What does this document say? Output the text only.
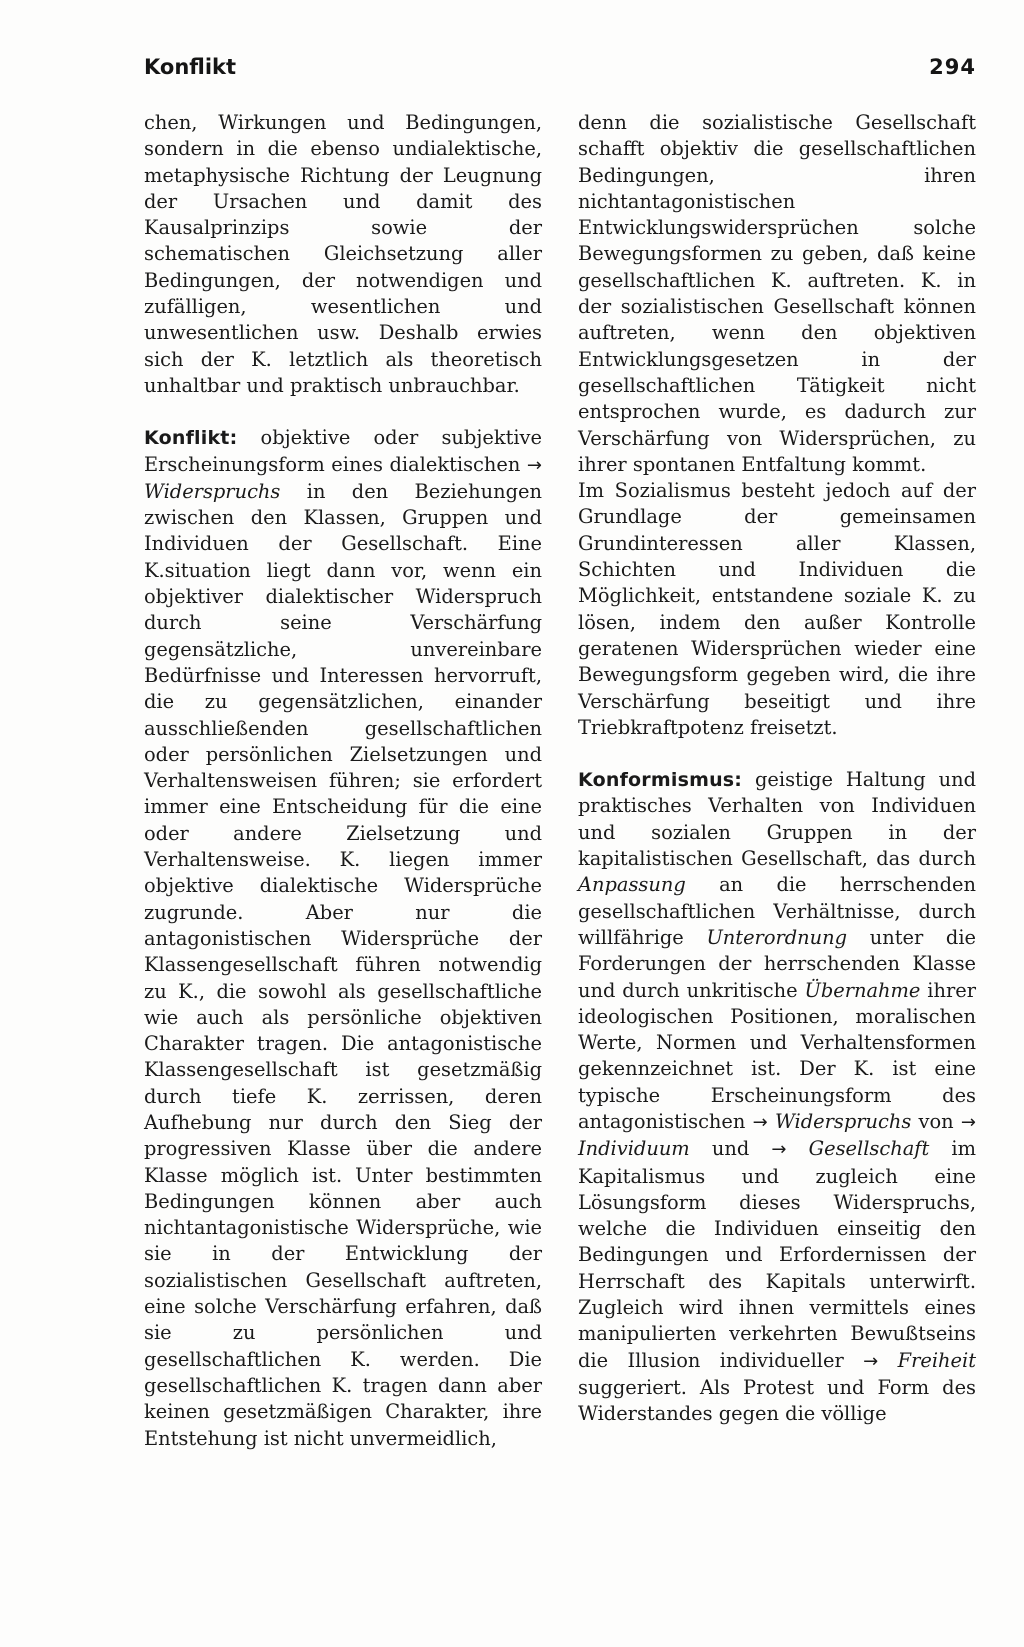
Konflikt	294

chen, Wirkungen und Bedingungen, sondern in die ebenso undialektische, metaphysische Richtung der Leugnung der Ursachen und damit des Kausalprinzips sowie der schematischen Gleichsetzung aller Bedingungen, der notwendigen und zufälligen, wesentlichen und unwesentlichen usw. Deshalb erwies sich der K. letztlich als theoretisch unhaltbar und praktisch unbrauchbar.

Konflikt: objektive oder subjektive Erscheinungsform eines dialektischen → Widerspruchs in den Beziehungen zwischen den Klassen, Gruppen und Individuen der Gesellschaft. Eine K.situation liegt dann vor, wenn ein objektiver dialektischer Widerspruch durch seine Verschärfung gegensätzliche, unvereinbare Bedürfnisse und Interessen hervorruft, die zu gegensätzlichen, einander ausschließenden gesellschaftlichen oder persönlichen Zielsetzungen und Verhaltensweisen führen; sie erfordert immer eine Entscheidung für die eine oder andere Zielsetzung und Verhaltensweise. K. liegen immer objektive dialektische Widersprüche zugrunde. Aber nur die antagonistischen Widersprüche der Klassengesellschaft führen notwendig zu K., die sowohl als gesellschaftliche wie auch als persönliche objektiven Charakter tragen. Die antagonistische Klassengesellschaft ist gesetzmäßig durch tiefe K. zerrissen, deren Aufhebung nur durch den Sieg der progressiven Klasse über die andere Klasse möglich ist. Unter bestimmten Bedingungen können aber auch nichtantagonistische Widersprüche, wie sie in der Entwicklung der sozialistischen Gesellschaft auftreten, eine solche Verschärfung erfahren, daß sie zu persönlichen und gesellschaftlichen K. werden. Die gesellschaftlichen K. tragen dann aber keinen gesetzmäßigen Charakter, ihre Entstehung ist nicht unvermeidlich,

denn die sozialistische Gesellschaft schafft objektiv die gesellschaftlichen Bedingungen, ihren nichtantagonistischen Entwicklungswidersprüchen solche Bewegungsformen zu geben, daß keine gesellschaftlichen K. auftreten. K. in der sozialistischen Gesellschaft können auftreten, wenn den objektiven Entwicklungsgesetzen in der gesellschaftlichen Tätigkeit nicht entsprochen wurde, es dadurch zur Verschärfung von Widersprüchen, zu ihrer spontanen Entfaltung kommt.

Im Sozialismus besteht jedoch auf der Grundlage der gemeinsamen Grundinteressen aller Klassen, Schichten und Individuen die Möglichkeit, entstandene soziale K. zu lösen, indem den außer Kontrolle geratenen Widersprüchen wieder eine Bewegungsform gegeben wird, die ihre Verschärfung beseitigt und ihre Triebkraftpotenz freisetzt.

Konformismus: geistige Haltung und praktisches Verhalten von Individuen und sozialen Gruppen in der kapitalistischen Gesellschaft, das durch Anpassung an die herrschenden gesellschaftlichen Verhältnisse, durch willfährige Unterordnung unter die Forderungen der herrschenden Klasse und durch unkritische Übernahme ihrer ideologischen Positionen, moralischen Werte, Normen und Verhaltensformen gekennzeichnet ist. Der K. ist eine typische Erscheinungsform des antagonistischen → Widerspruchs von → Individuum und → Gesellschaft im Kapitalismus und zugleich eine Lösungsform dieses Widerspruchs, welche die Individuen einseitig den Bedingungen und Erfordernissen der Herrschaft des Kapitals unterwirft. Zugleich wird ihnen vermittels eines manipulierten verkehrten Bewußtseins die Illusion individueller → Freiheit suggeriert. Als Protest und Form des Widerstandes gegen die völlige
